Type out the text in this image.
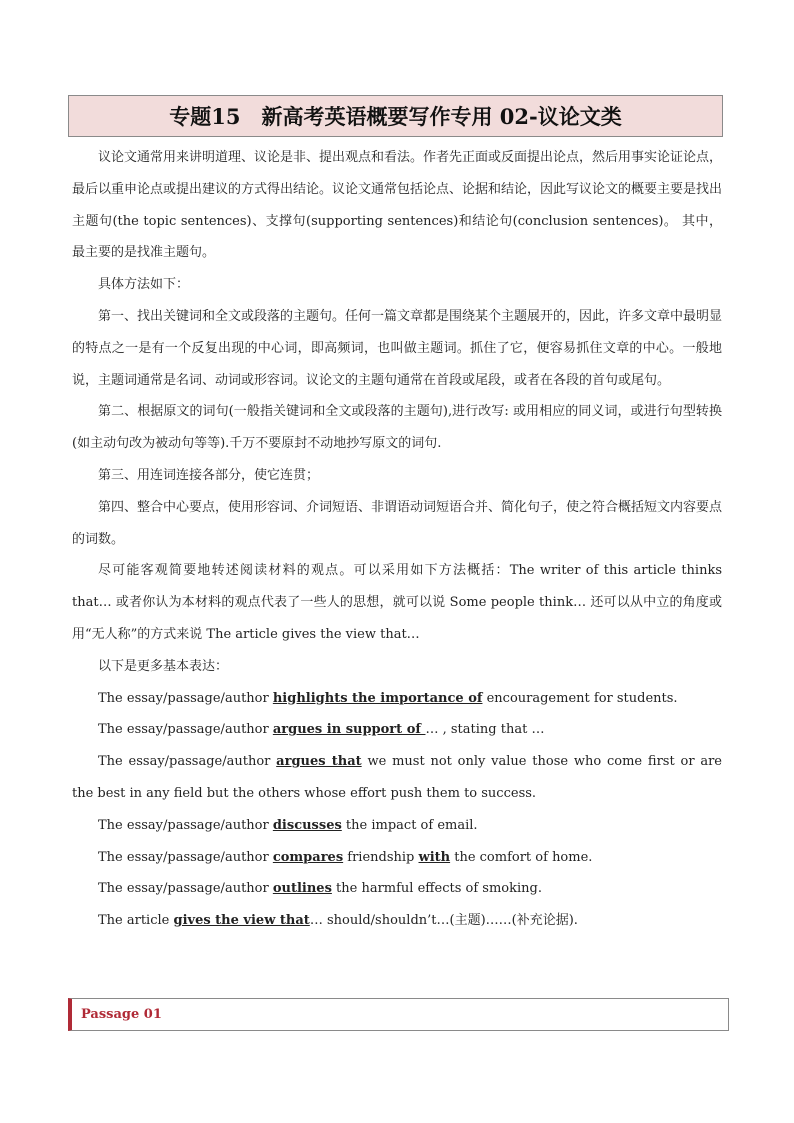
专题15　新高考英语概要写作专用 02-议论文类

议论文通常用来讲明道理、议论是非、提出观点和看法。作者先正面或反面提出论点，然后用事实论证论点，最后以重申论点或提出建议的方式得出结论。议论文通常包括论点、论据和结论，因此写议论文的概要主要是找出主题句(the topic sentences)、支撑句(supporting sentences)和结论句(conclusion sentences)。 其中，最主要的是找准主题句。

具体方法如下：

第一、找出关键词和全文或段落的主题句。任何一篇文章都是围绕某个主题展开的，因此，许多文章中最明显的特点之一是有一个反复出现的中心词，即高频词，也叫做主题词。抓住了它，便容易抓住文章的中心。一般地说，主题词通常是名词、动词或形容词。议论文的主题句通常在首段或尾段，或者在各段的首句或尾句。

第二、根据原文的词句(一般指关键词和全文或段落的主题句),进行改写: 或用相应的同义词，或进行句型转换(如主动句改为被动句等等).千万不要原封不动地抄写原文的词句.

第三、用连词连接各部分，使它连贯；

第四、整合中心要点，使用形容词、介词短语、非谓语动词短语合并、简化句子，使之符合概括短文内容要点的词数。

尽可能客观简要地转述阅读材料的观点。可以采用如下方法概括：The writer of this article thinks that… 或者你认为本材料的观点代表了一些人的思想，就可以说 Some people think… 还可以从中立的角度或用“无人称”的方式来说 The article gives the view that…

以下是更多基本表达：

The essay/passage/author highlights the importance of encouragement for students.

The essay/passage/author argues in support of … , stating that …

The essay/passage/author argues that we must not only value those who come first or are the best in any field but the others whose effort push them to success.

The essay/passage/author discusses the impact of email.

The essay/passage/author compares friendship with the comfort of home.

The essay/passage/author outlines the harmful effects of smoking.

The article gives the view that… should/shouldn’t…(主题)……(补充论据).

Passage 01
